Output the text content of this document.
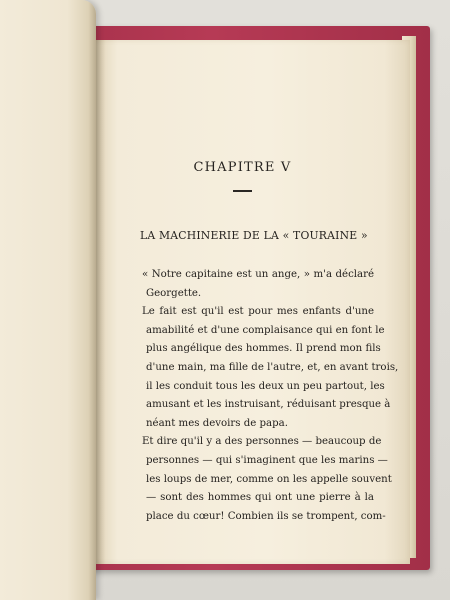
CHAPITRE V
LA MACHINERIE DE LA « TOURAINE »
« Notre capitaine est un ange, » m'a déclaré
Georgette.
Le fait est qu'il est pour mes enfants d'une
amabilité et d'une complaisance qui en font le
plus angélique des hommes. Il prend mon fils
d'une main, ma fille de l'autre, et, en avant trois,
il les conduit tous les deux un peu partout, les
amusant et les instruisant, réduisant presque à
néant mes devoirs de papa.
Et dire qu'il y a des personnes — beaucoup de
personnes — qui s'imaginent que les marins —
les loups de mer, comme on les appelle souvent
— sont des hommes qui ont une pierre à la
place du cœur! Combien ils se trompent, com-
